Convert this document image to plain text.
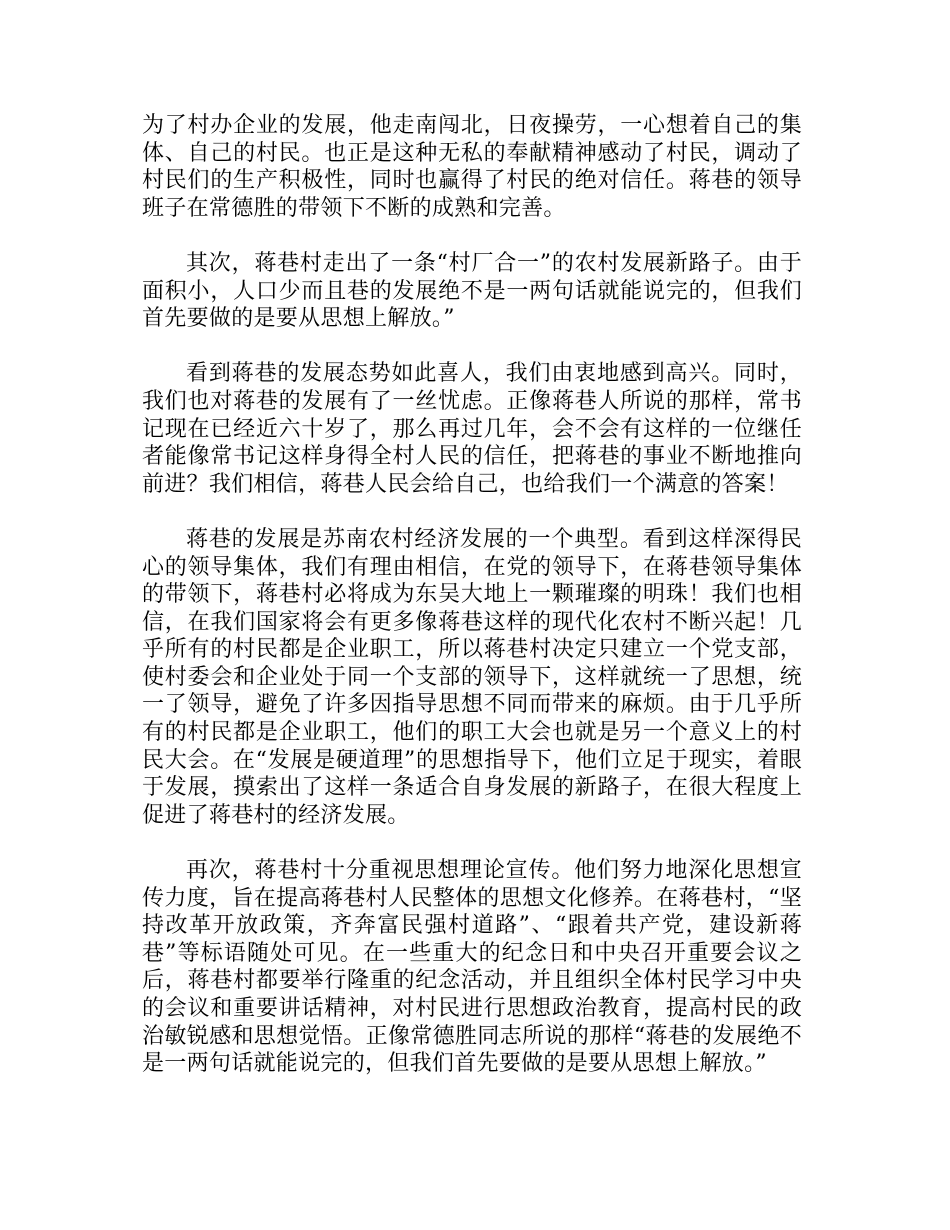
为了村办企业的发展，他走南闯北，日夜操劳，一心想着自己的集体、自己的村民。也正是这种无私的奉献精神感动了村民，调动了村民们的生产积极性，同时也赢得了村民的绝对信任。蒋巷的领导班子在常德胜的带领下不断的成熟和完善。

其次，蒋巷村走出了一条“村厂合一”的农村发展新路子。由于面积小，人口少而且巷的发展绝不是一两句话就能说完的，但我们首先要做的是要从思想上解放。”

看到蒋巷的发展态势如此喜人，我们由衷地感到高兴。同时，我们也对蒋巷的发展有了一丝忧虑。正像蒋巷人所说的那样，常书记现在已经近六十岁了，那么再过几年，会不会有这样的一位继任者能像常书记这样身得全村人民的信任，把蒋巷的事业不断地推向前进？我们相信，蒋巷人民会给自己，也给我们一个满意的答案！

蒋巷的发展是苏南农村经济发展的一个典型。看到这样深得民心的领导集体，我们有理由相信，在党的领导下，在蒋巷领导集体的带领下，蒋巷村必将成为东吴大地上一颗璀璨的明珠！我们也相信，在我们国家将会有更多像蒋巷这样的现代化农村不断兴起！几乎所有的村民都是企业职工，所以蒋巷村决定只建立一个党支部，使村委会和企业处于同一个支部的领导下，这样就统一了思想，统一了领导，避免了许多因指导思想不同而带来的麻烦。由于几乎所有的村民都是企业职工，他们的职工大会也就是另一个意义上的村民大会。在“发展是硬道理”的思想指导下，他们立足于现实，着眼于发展，摸索出了这样一条适合自身发展的新路子，在很大程度上促进了蒋巷村的经济发展。

再次，蒋巷村十分重视思想理论宣传。他们努力地深化思想宣传力度，旨在提高蒋巷村人民整体的思想文化修养。在蒋巷村，“坚持改革开放政策，齐奔富民强村道路”、“跟着共产党，建设新蒋巷”等标语随处可见。在一些重大的纪念日和中央召开重要会议之后，蒋巷村都要举行隆重的纪念活动，并且组织全体村民学习中央的会议和重要讲话精神，对村民进行思想政治教育，提高村民的政治敏锐感和思想觉悟。正像常德胜同志所说的那样“蒋巷的发展绝不是一两句话就能说完的，但我们首先要做的是要从思想上解放。”
